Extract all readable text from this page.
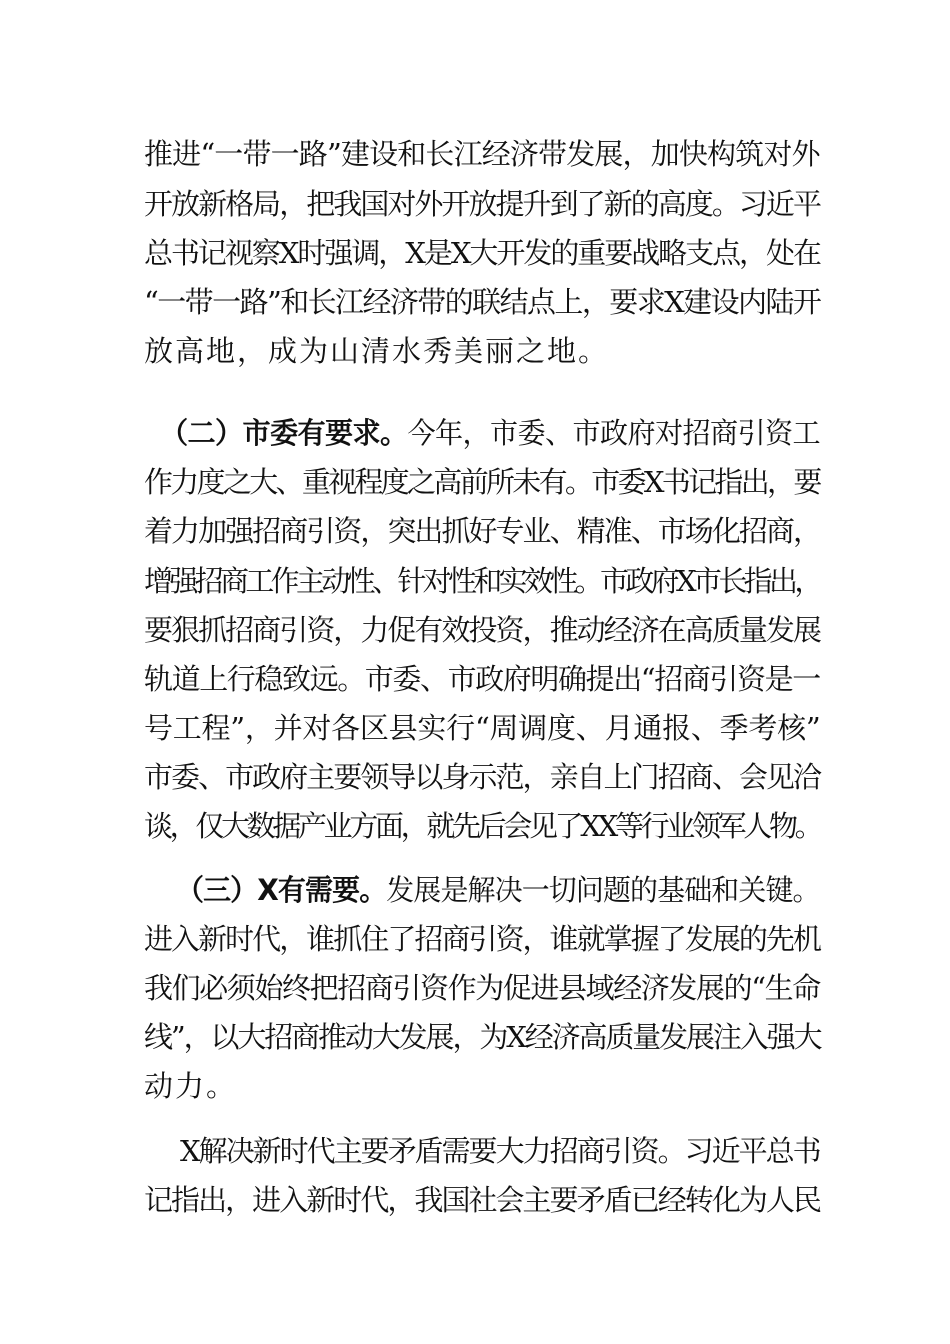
推进“一带一路”建设和长江经济带发展，加快构筑对外
开放新格局，把我国对外开放提升到了新的高度。习近平
总书记视察X时强调，X是X大开发的重要战略支点，处在
“一带一路”和长江经济带的联结点上，要求X建设内陆开
放高地，成为山清水秀美丽之地。
（二）市委有要求。今年，市委、市政府对招商引资工
作力度之大、重视程度之高前所未有。市委X书记指出，要
着力加强招商引资，突出抓好专业、精准、市场化招商，
增强招商工作主动性、针对性和实效性。市政府X市长指出，
要狠抓招商引资，力促有效投资，推动经济在高质量发展
轨道上行稳致远。市委、市政府明确提出“招商引资是一
号工程”，并对各区县实行“周调度、月通报、季考核”
市委、市政府主要领导以身示范，亲自上门招商、会见洽
谈，仅大数据产业方面，就先后会见了XX等行业领军人物。
（三）X有需要。发展是解决一切问题的基础和关键。
进入新时代，谁抓住了招商引资，谁就掌握了发展的先机
我们必须始终把招商引资作为促进县域经济发展的“生命
线”，以大招商推动大发展，为X经济高质量发展注入强大
动力。
X解决新时代主要矛盾需要大力招商引资。习近平总书
记指出，进入新时代，我国社会主要矛盾已经转化为人民
